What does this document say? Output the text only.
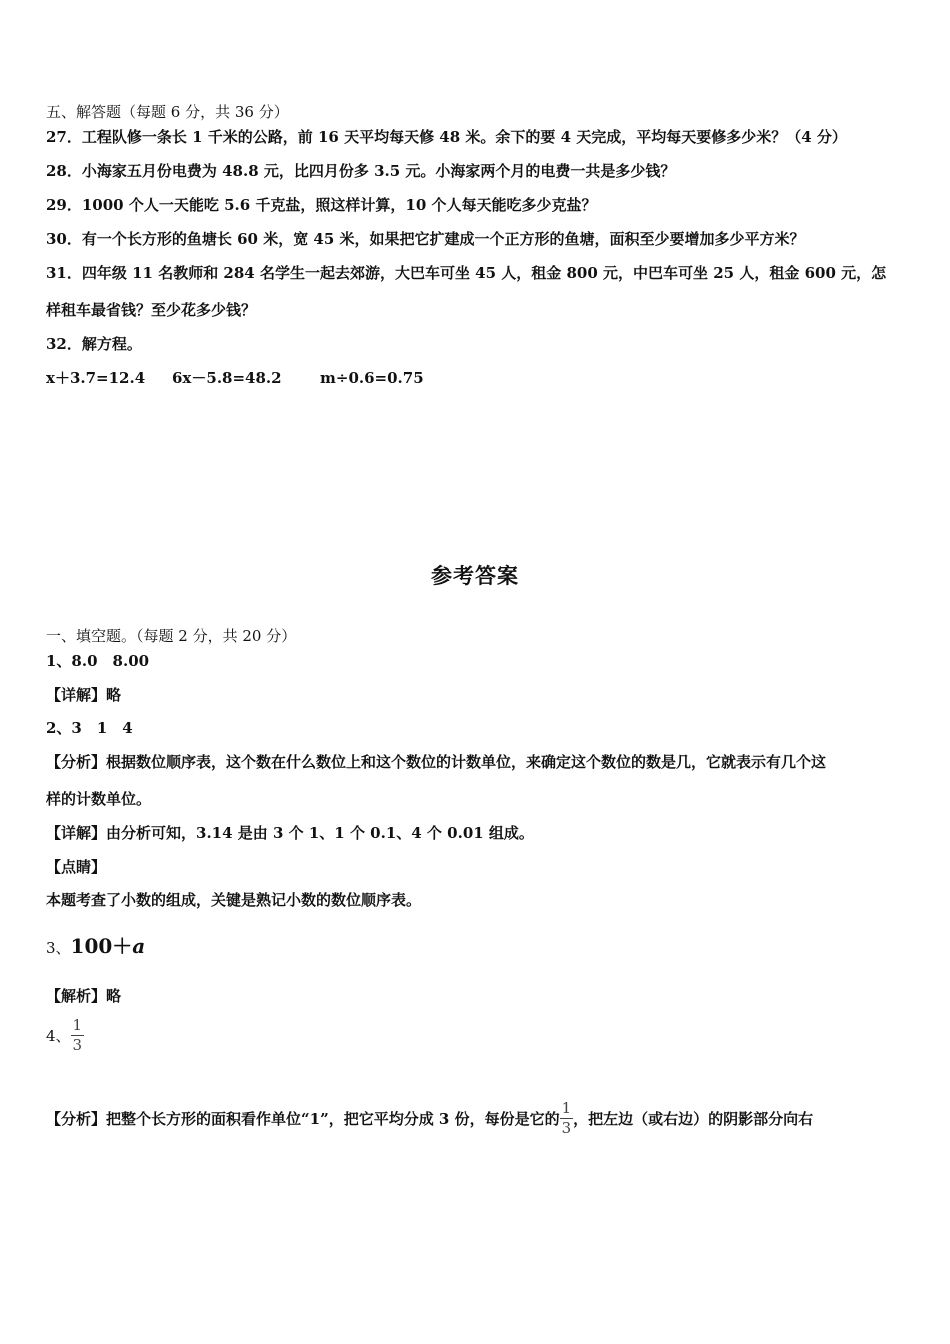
五、解答题（每题 6 分，共 36 分）
27．工程队修一条长 1 千米的公路，前 16 天平均每天修 48 米。余下的要 4 天完成，平均每天要修多少米？（4 分）
28．小海家五月份电费为 48.8 元，比四月份多 3.5 元。小海家两个月的电费一共是多少钱？
29．1000 个人一天能吃 5.6 千克盐，照这样计算，10 个人每天能吃多少克盐？
30．有一个长方形的鱼塘长 60 米，宽 45 米，如果把它扩建成一个正方形的鱼塘，面积至少要增加多少平方米？
31．四年级 11 名教师和 284 名学生一起去郊游，大巴车可坐 45 人，租金 800 元，中巴车可坐 25 人，租金 600 元，怎
样租车最省钱？至少花多少钱？
32．解方程。
x＋3.7=12.4 6x－5.8=48.2	m÷0.6=0.75
参考答案
一、填空题。（每题 2 分，共 20 分）
1、8.0　8.00
【详解】略
2、3　1　4
【分析】根据数位顺序表，这个数在什么数位上和这个数位的计数单位，来确定这个数位的数是几，它就表示有几个这
样的计数单位。
【详解】由分析可知，3.14 是由 3 个 1、1 个 0.1、4 个 0.01 组成。
【点睛】
本题考查了小数的组成，关键是熟记小数的数位顺序表。
3、100＋a
【解析】略
4、 $\frac{1}{3}$
【分析】把整个长方形的面积看作单位“1”，把它平均分成 3 份，每份是它的 $\frac{1}{3}$ ，把左边（或右边）的阴影部分向右
